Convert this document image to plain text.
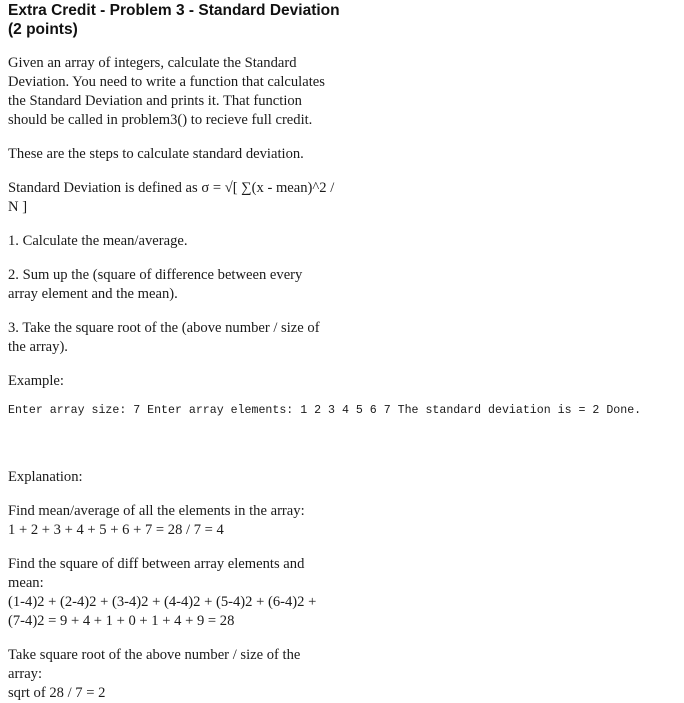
Extra Credit - Problem 3 - Standard Deviation
(2 points)
Given an array of integers, calculate the Standard
Deviation. You need to write a function that calculates
the Standard Deviation and prints it. That function
should be called in problem3() to recieve full credit.
These are the steps to calculate standard deviation.
Standard Deviation is defined as σ = √[ ∑(x - mean)^2 /
N ]
1. Calculate the mean/average.
2. Sum up the (square of difference between every
array element and the mean).
3. Take the square root of the (above number / size of
the array).
Example:
Enter array size: 7 Enter array elements: 1 2 3 4 5 6 7 The standard deviation is = 2 Done.
Explanation:
Find mean/average of all the elements in the array:
1 + 2 + 3 + 4 + 5 + 6 + 7 = 28 / 7 = 4
Find the square of diff between array elements and
mean:
(1-4)2 + (2-4)2 + (3-4)2 + (4-4)2 + (5-4)2 + (6-4)2 +
(7-4)2 = 9 + 4 + 1 + 0 + 1 + 4 + 9 = 28
Take square root of the above number / size of the
array:
sqrt of 28 / 7 = 2
